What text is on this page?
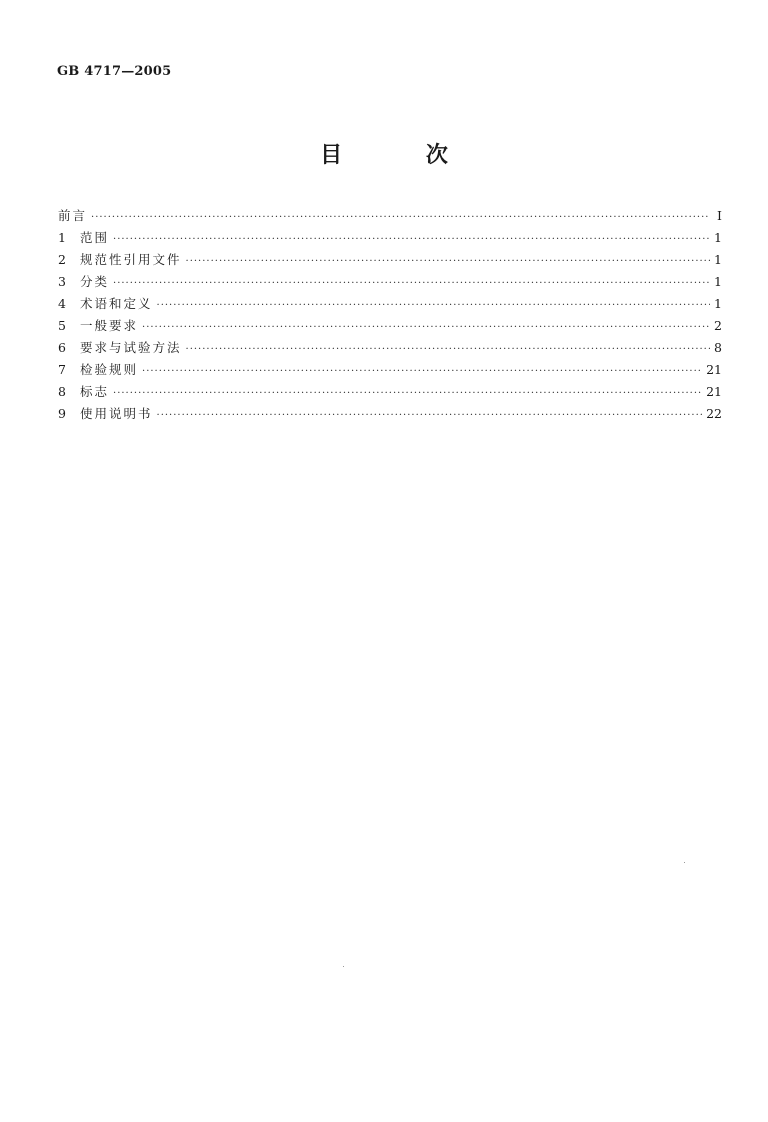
GB 4717—2005
目 次
前言 ·····	I
1	范围 ·····	1
2	规范性引用文件 ·····	1
3	分类 ·····	1
4	术语和定义 ·····	1
5	一般要求 ·····	2
6	要求与试验方法 ·····	8
7	检验规则 ·····	21
8	标志 ·····	21
9	使用说明书 ·····	22
